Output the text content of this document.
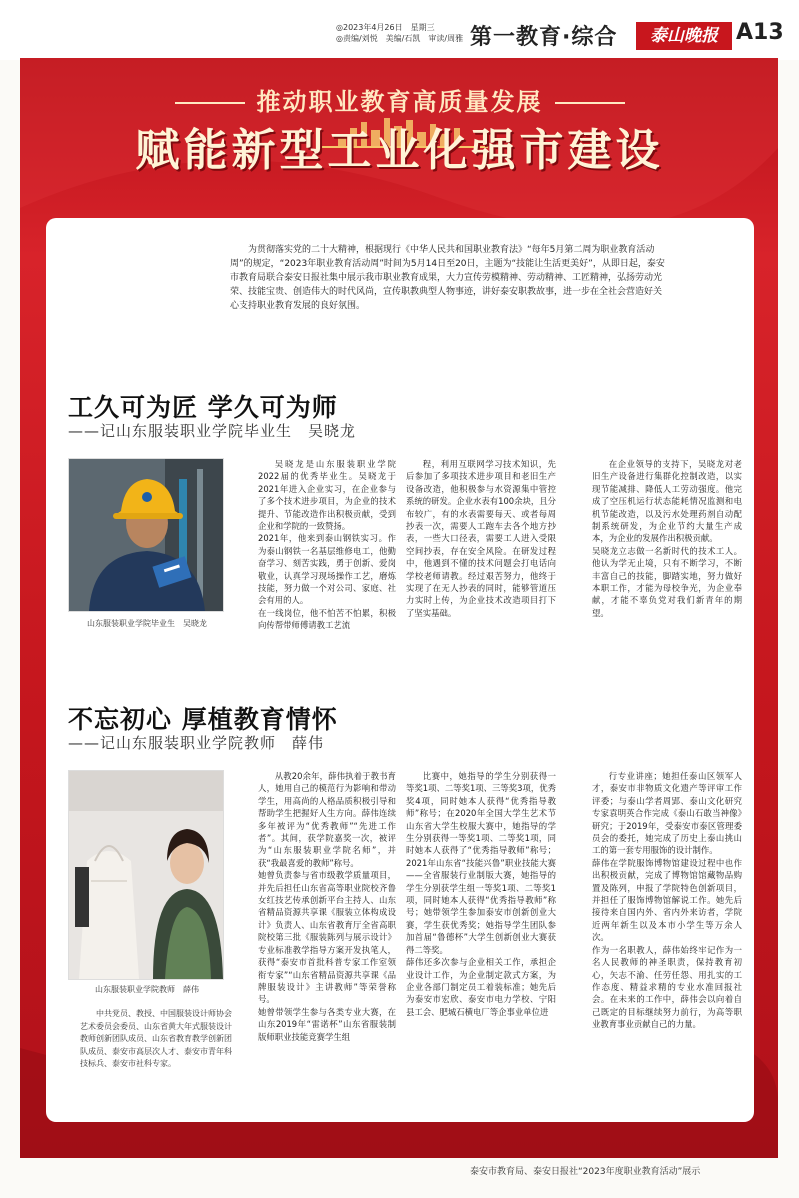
◎2023年4月26日　星期三
◎责编/刘悦　美编/石凯　审读/周雅 第一教育·综合	泰山晚报 A13
推动职业教育高质量发展
赋能新型工业化强市建设

为贯彻落实党的二十大精神，根据现行《中华人民共和国职业教育法》“每年5月第二周为职业教育活动周”的规定，“2023年职业教育活动周”时间为5月14日至20日，主题为“技能让生活更美好”，从即日起，泰安市教育局联合泰安日报社集中展示我市职业教育成果，大力宣传劳模精神、劳动精神、工匠精神，弘扬劳动光荣、技能宝贵、创造伟大的时代风尚，宣传职教典型人物事迹，讲好泰安职教故事，进一步在全社会营造好关心支持职业教育发展的良好氛围。

工久可为匠 学久可为师
——记山东服装职业学院毕业生　吴晓龙
山东服装职业学院毕业生　吴晓龙

吴晓龙是山东服装职业学院2022届的优秀毕业生。吴晓龙于2021年进入企业实习，在企业参与了多个技术进步项目，为企业的技术提升、节能改造作出积极贡献，受到企业和学院的一致赞扬。
2021年，他来到泰山钢铁实习。作为泰山钢铁一名基层维修电工，他勤奋学习、刻苦实践，勇于创新、爱岗敬业，认真学习现场操作工艺，磨炼技能，努力做一个对公司、家庭、社会有用的人。
在一线岗位，他不怕苦不怕累，积极向传帮带师傅请教工艺流

程，利用互联网学习技术知识，先后参加了多项技术进步项目和老旧生产设备改造，他积极参与水资源集中管控系统的研发。企业水表有100余块，且分布较广，有的水表需要每天、或者每周抄表一次，需要人工跑车去各个地方抄表，一些大口径表，需要工人进入受限空间抄表，存在安全风险。在研发过程中，他遇到不懂的技术问题会打电话向学校老师请教。经过艰苦努力，他终于实现了在无人抄表的同时，能够管道压力实时上传，为企业技术改造项目打下了坚实基础。

在企业领导的支持下，吴晓龙对老旧生产设备进行集群化控制改造，以实现节能减排、降低人工劳动强度。他完成了空压机运行状态能耗情况监测和电机节能改造，以及污水处理药剂自动配制系统研发，为企业节约大量生产成本，为企业的发展作出积极贡献。
吴晓龙立志做一名新时代的技术工人。他认为学无止境，只有不断学习，不断丰富自己的技能，脚踏实地，努力做好本职工作，才能为母校争光，为企业奉献，才能不辜负党对我们新青年的期望。

不忘初心 厚植教育情怀
——记山东服装职业学院教师　薛伟
山东服装职业学院教师　薛伟

中共党员、教授、中国服装设计师协会艺术委员会委员、山东省黄大年式服装设计教师创新团队成员、山东省教育教学创新团队成员、泰安市高层次人才、泰安市青年科技标兵、泰安市社科专家。

从教20余年，薛伟执着于教书育人，她用自己的模范行为影响和带动学生，用高尚的人格品质积极引导和帮助学生把握好人生方向。薛伟连续多年被评为“优秀教师”“先进工作者”。其间，获学院嘉奖一次，被评为“山东服装职业学院名师”，并获“我最喜爱的教师”称号。
她曾负责参与省市级教学质量项目，并先后担任山东省高等职业院校齐鲁女红技艺传承创新平台主持人、山东省精品资源共享课《服装立体构成设计》负责人、山东省教育厅全省高职院校第三批《服装陈列与展示设计》专业标准教学指导方案开发执笔人，获得“泰安市首批科普专家工作室领衔专家”“山东省精品资源共享课《品牌服装设计》主讲教师”等荣誉称号。
她曾带领学生参与各类专业大赛，在山东2019年“雷诺杯”山东省服装制版师职业技能竞赛学生组

比赛中，她指导的学生分别获得一等奖1项、二等奖1项、三等奖3项，优秀奖4项，同时她本人获得“优秀指导教师”称号；在2020年全国大学生艺术节山东省大学生校服大赛中，她指导的学生分别获得一等奖1项、二等奖1项，同时她本人获得了“优秀指导教师”称号；2021年山东省“技能兴鲁”职业技能大赛——全省服装行业制版大赛，她指导的学生分别获学生组一等奖1项、二等奖1项，同时她本人获得“优秀指导教师”称号；她带领学生参加泰安市创新创业大赛，学生获优秀奖；她指导学生团队参加首届“鲁德杯”大学生创新创业大赛获得二等奖。
薛伟还多次参与企业相关工作，承担企业设计工作，为企业制定款式方案，为企业各部门制定员工着装标准；她先后为泰安市宏欣、泰安市电力学校、宁阳县工会、肥城石横电厂等企事业单位进

行专业讲座；她担任泰山区领军人才，泰安市非物质文化遗产等评审工作评委；与泰山学者周郢、泰山文化研究专家袁明英合作完成《泰山石敢当神像》研究；于2019年，受泰安市泰区管理委员会的委托，她完成了历史上泰山挑山工的第一套专用服饰的设计制作。
薛伟在学院服饰博物馆建设过程中也作出积极贡献，完成了博物馆馆藏物品购置及陈列，申报了学院特色创新项目，并担任了服饰博物馆解说工作。她先后接待来自国内外、省内外来访者，学院近两年新生以及本市小学生等万余人次。
作为一名职教人，薛伟始终牢记作为一名人民教师的神圣职责，保持教育初心，矢志不渝、任劳任怨、用扎实的工作态度、精益求精的专业水准回报社会。在未来的工作中，薛伟会以向着自己既定的目标继续努力前行，为高等职业教育事业贡献自己的力量。

泰安市教育局、泰安日报社“2023年度职业教育活动”展示
